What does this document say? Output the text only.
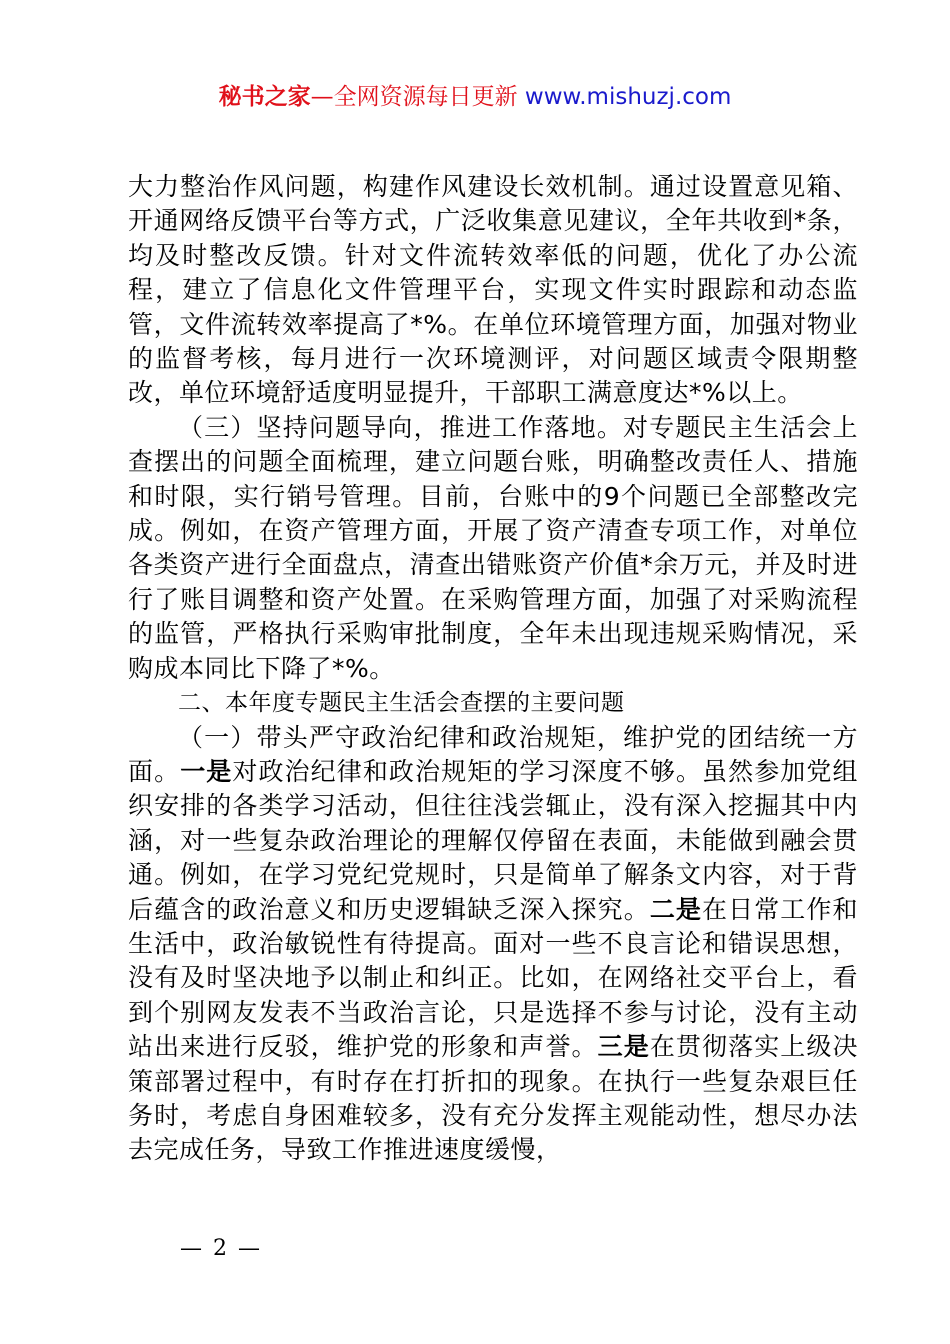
秘书之家—全网资源每日更新 www.mishuzj.com

大力整治作风问题，构建作风建设长效机制。通过设置意见箱、开通网络反馈平台等方式，广泛收集意见建议，全年共收到*条，均及时整改反馈。针对文件流转效率低的问题，优化了办公流程，建立了信息化文件管理平台，实现文件实时跟踪和动态监管，文件流转效率提高了*%。在单位环境管理方面，加强对物业的监督考核，每月进行一次环境测评，对问题区域责令限期整改，单位环境舒适度明显提升，干部职工满意度达*%以上。

（三）坚持问题导向，推进工作落地。对专题民主生活会上查摆出的问题全面梳理，建立问题台账，明确整改责任人、措施和时限，实行销号管理。目前，台账中的9个问题已全部整改完成。例如，在资产管理方面，开展了资产清查专项工作，对单位各类资产进行全面盘点，清查出错账资产价值*余万元，并及时进行了账目调整和资产处置。在采购管理方面，加强了对采购流程的监管，严格执行采购审批制度，全年未出现违规采购情况，采购成本同比下降了*%。

二、本年度专题民主生活会查摆的主要问题

（一）带头严守政治纪律和政治规矩，维护党的团结统一方面。一是对政治纪律和政治规矩的学习深度不够。虽然参加党组织安排的各类学习活动，但往往浅尝辄止，没有深入挖掘其中内涵，对一些复杂政治理论的理解仅停留在表面，未能做到融会贯通。例如，在学习党纪党规时，只是简单了解条文内容，对于背后蕴含的政治意义和历史逻辑缺乏深入探究。二是在日常工作和生活中，政治敏锐性有待提高。面对一些不良言论和错误思想，没有及时坚决地予以制止和纠正。比如，在网络社交平台上，看到个别网友发表不当政治言论，只是选择不参与讨论，没有主动站出来进行反驳，维护党的形象和声誉。三是在贯彻落实上级决策部署过程中，有时存在打折扣的现象。在执行一些复杂艰巨任务时，考虑自身困难较多，没有充分发挥主观能动性，想尽办法去完成任务，导致工作推进速度缓慢，

— 2 —
